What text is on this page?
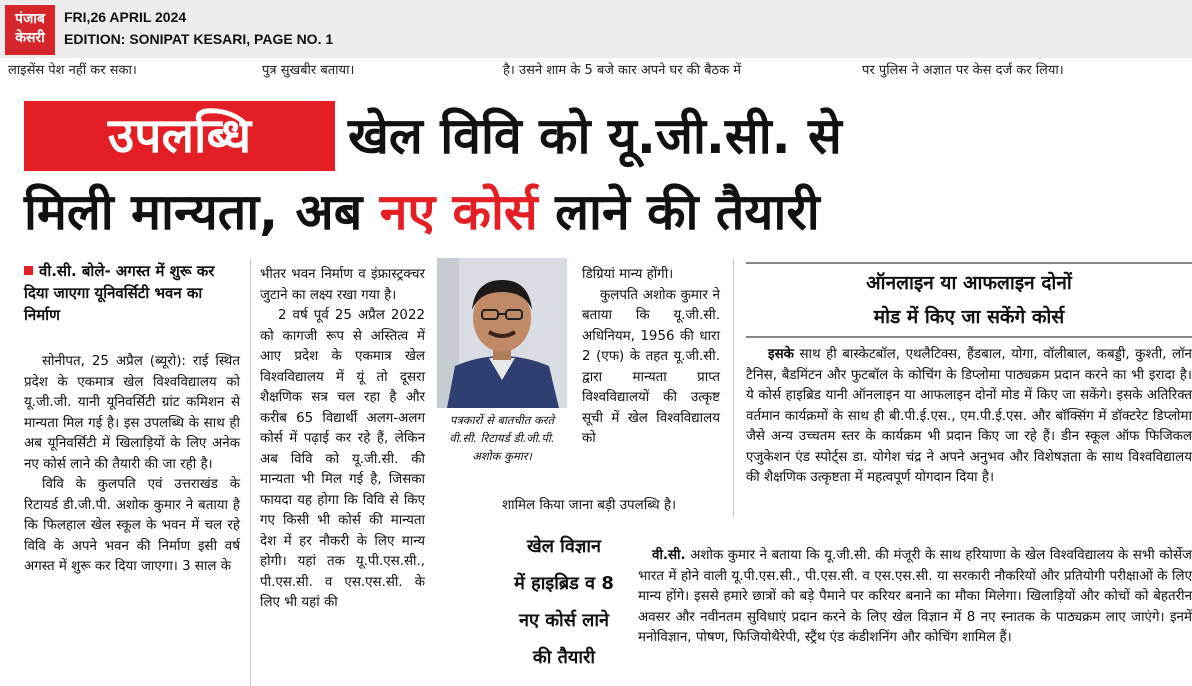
पंजाब
केसरी
FRI,26 APRIL 2024
EDITION: SONIPAT KESARI, PAGE NO. 1
लाइसेंस पेश नहीं कर सका।	पुत्र सुखबीर बताया।	है। उसने शाम के 5 बजे कार अपने घर की बैठक में	पर पुलिस ने अज्ञात पर केस दर्ज कर लिया।
उपलब्धि	खेल विवि को यू.जी.सी. से
मिली मान्यता, अब नए कोर्स लाने की तैयारी
वी.सी. बोले- अगस्त में शुरू कर दिया जाएगा यूनिवर्सिटी भवन का निर्माण

सोनीपत, 25 अप्रैल (ब्यूरो): राई स्थित प्रदेश के एकमात्र खेल विश्वविद्यालय को यू.जी.जी. यानी यूनिवर्सिटी ग्रांट कमिशन से मान्यता मिल गई है। इस उपलब्धि के साथ ही अब यूनिवर्सिटी में खिलाड़ियों के लिए अनेक नए कोर्स लाने की तैयारी की जा रही है।

विवि के कुलपति एवं उत्तराखंड के रिटायर्ड डी.जी.पी. अशोक कुमार ने बताया है कि फिलहाल खेल स्कूल के भवन में चल रहे विवि के अपने भवन की निर्माण इसी वर्ष अगस्त में शुरू कर दिया जाएगा। 3 साल के

भीतर भवन निर्माण व इंफ्रास्ट्रक्चर जुटाने का लक्ष्य रखा गया है।

2 वर्ष पूर्व 25 अप्रैल 2022 को कागजी रूप से अस्तित्व में आए प्रदेश के एकमात्र खेल विश्वविद्यालय में यूं तो दूसरा शैक्षणिक सत्र चल रहा है और करीब 65 विद्यार्थी अलग-अलग कोर्स में पढ़ाई कर रहे हैं, लेकिन अब विवि को यू.जी.सी. की मान्यता भी मिल गई है, जिसका फायदा यह होगा कि विवि से किए गए किसी भी कोर्स की मान्यता देश में हर नौकरी के लिए मान्य होगी। यहां तक यू.पी.एस.सी., पी.एस.सी. व एस.एस.सी. के लिए भी यहां की

पत्रकारों से बातचीत करते वी.सी. रिटायर्ड डी.जी.पी. अशोक कुमार।

डिग्रियां मान्य होंगी।

कुलपति अशोक कुमार ने बताया कि यू.जी.सी. अधिनियम, 1956 की धारा 2 (एफ) के तहत यू.जी.सी. द्वारा मान्यता प्राप्त विश्वविद्यालयों की उत्कृष्ट सूची में खेल विश्वविद्यालय को

शामिल किया जाना बड़ी उपलब्धि है।

ऑनलाइन या आफलाइन दोनों
मोड में किए जा सकेंगे कोर्स

इसके साथ ही बास्केटबॉल, एथलैटिक्स, हैंडबाल, योगा, वॉलीबाल, कबड्डी, कुश्ती, लॉन टैनिस, बैडमिंटन और फुटबॉल के कोचिंग के डिप्लोमा पाठ्यक्रम प्रदान करने का भी इरादा है। ये कोर्स हाइब्रिड यानी ऑनलाइन या आफलाइन दोनों मोड में किए जा सकेंगे। इसके अतिरिक्त वर्तमान कार्यक्रमों के साथ ही बी.पी.ई.एस., एम.पी.ई.एस. और बॉक्सिंग में डॉक्टरेट डिप्लोमा जैसे अन्य उच्चतम स्तर के कार्यक्रम भी प्रदान किए जा रहे हैं। डीन स्कूल ऑफ फिजिकल एजुकेशन एंड स्पोर्ट्स डा. योगेश चंद्र ने अपने अनुभव और विशेषज्ञता के साथ विश्वविद्यालय की शैक्षणिक उत्कृष्टता में महत्वपूर्ण योगदान दिया है।

खेल विज्ञान
में हाइब्रिड व 8
नए कोर्स लाने
की तैयारी

वी.सी. अशोक कुमार ने बताया कि यू.जी.सी. की मंजूरी के साथ हरियाणा के खेल विश्वविद्यालय के सभी कोर्सेज भारत में होने वाली यू.पी.एस.सी., पी.एस.सी. व एस.एस.सी. या सरकारी नौकरियों और प्रतियोगी परीक्षाओं के लिए मान्य होंगे। इससे हमारे छात्रों को बड़े पैमाने पर करियर बनाने का मौका मिलेगा। खिलाड़ियों और कोचों को बेहतरीन अवसर और नवीनतम सुविधाएं प्रदान करने के लिए खेल विज्ञान में 8 नए स्नातक के पाठ्यक्रम लाए जाएंगे। इनमें मनोविज्ञान, पोषण, फिजियोथैरेपी, स्ट्रैंथ एंड कंडीशनिंग और कोचिंग शामिल हैं।
